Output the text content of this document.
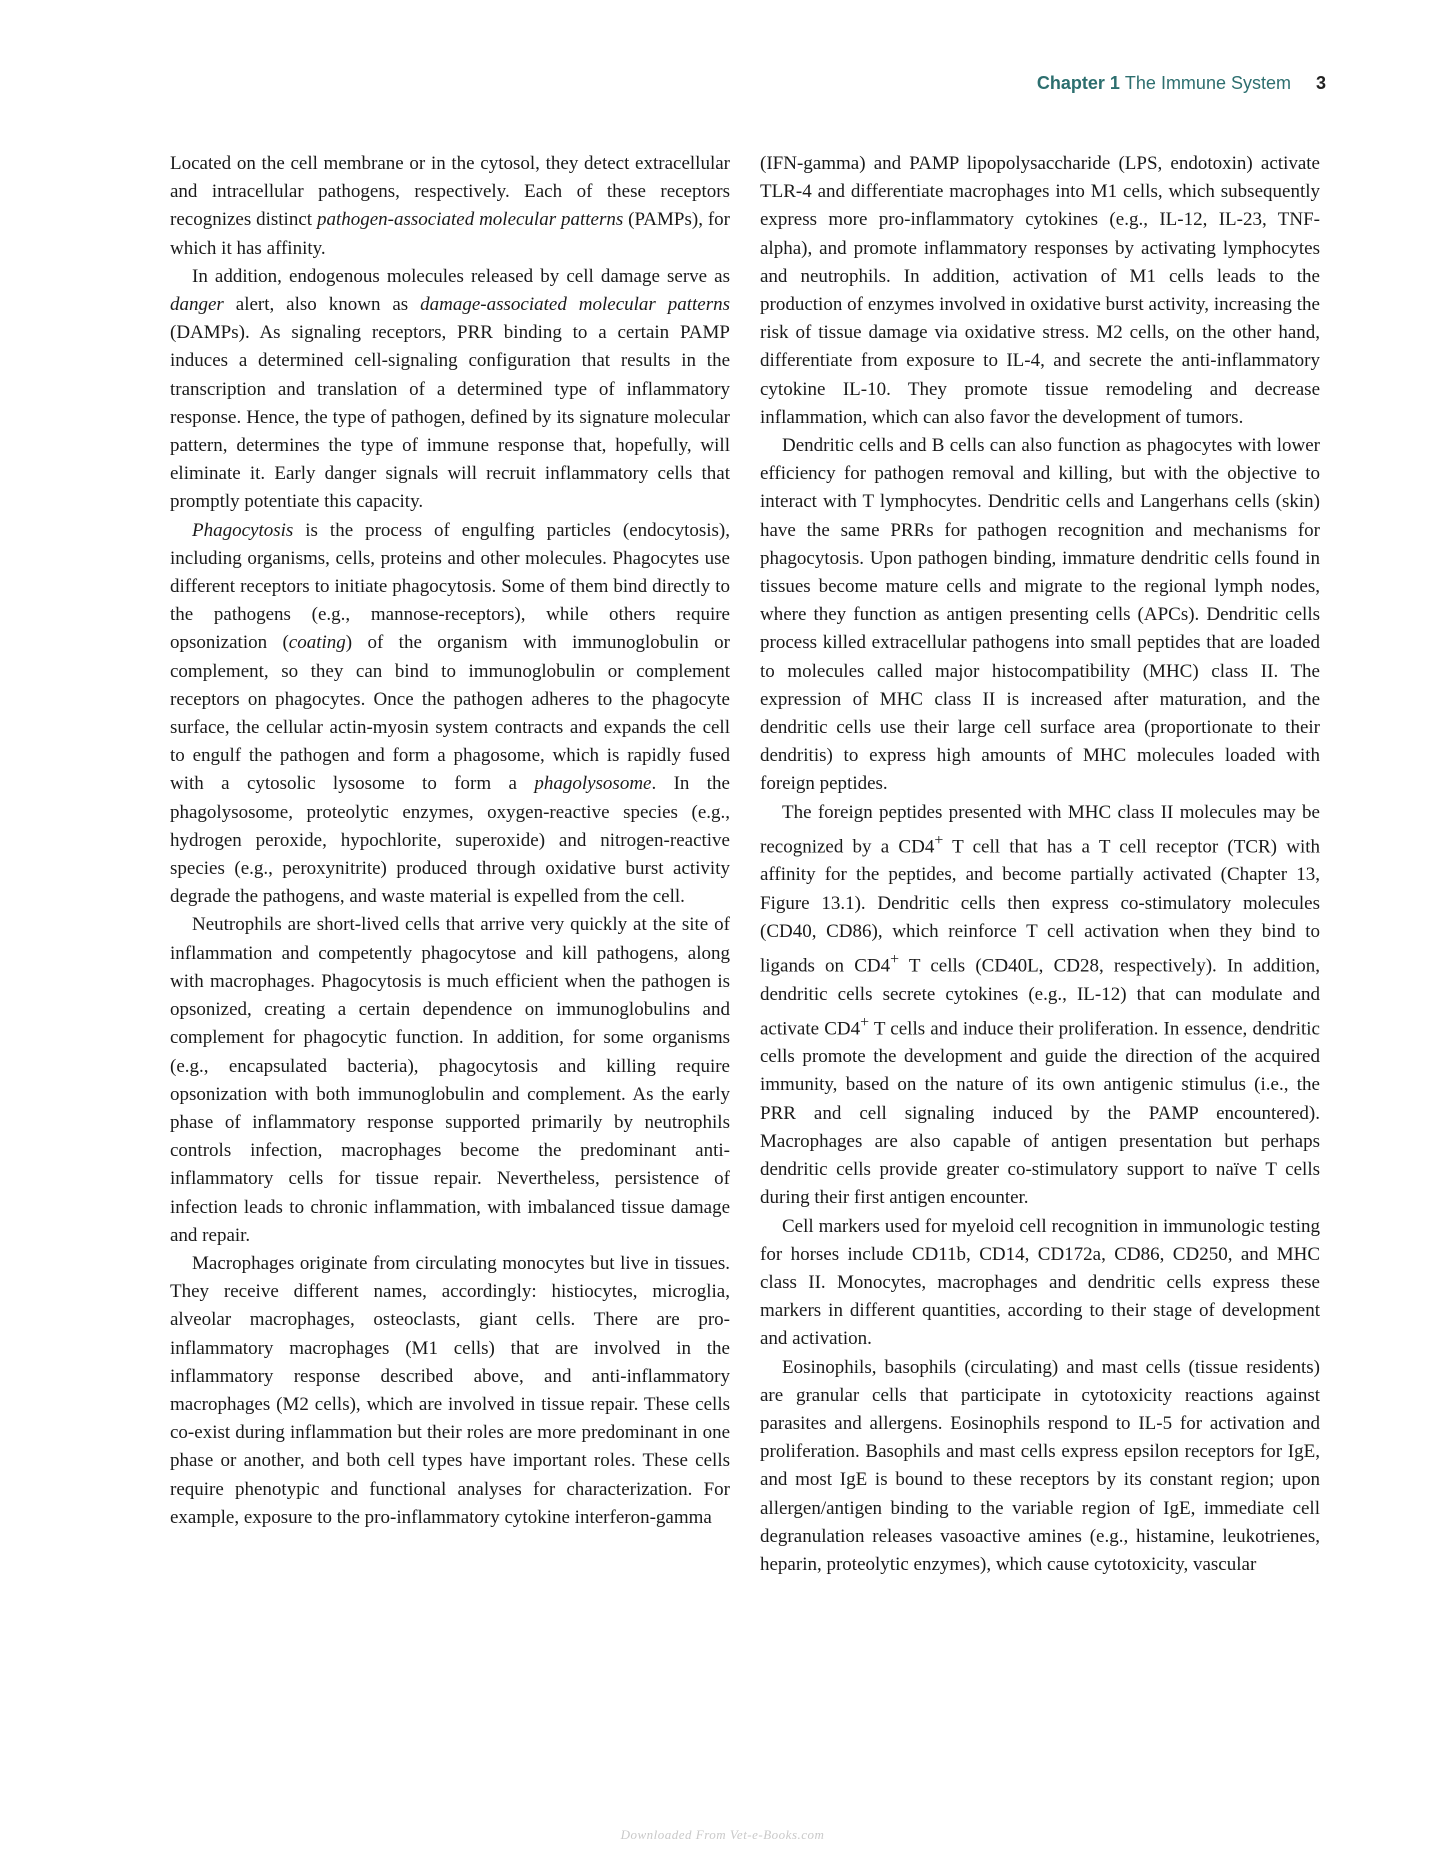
Chapter 1 The Immune System 3

Located on the cell membrane or in the cytosol, they detect extracellular and intracellular pathogens, respectively. Each of these receptors recognizes distinct pathogen-associated molecular patterns (PAMPs), for which it has affinity.

In addition, endogenous molecules released by cell damage serve as danger alert, also known as damage-associated molecular patterns (DAMPs). As signaling receptors, PRR binding to a certain PAMP induces a determined cell-signaling configuration that results in the transcription and translation of a determined type of inflammatory response. Hence, the type of pathogen, defined by its signature molecular pattern, determines the type of immune response that, hopefully, will eliminate it. Early danger signals will recruit inflammatory cells that promptly potentiate this capacity.

Phagocytosis is the process of engulfing particles (endocytosis), including organisms, cells, proteins and other molecules. Phagocytes use different receptors to initiate phagocytosis. Some of them bind directly to the pathogens (e.g., mannose-receptors), while others require opsonization (coating) of the organism with immunoglobulin or complement, so they can bind to immunoglobulin or complement receptors on phagocytes. Once the pathogen adheres to the phagocyte surface, the cellular actin-myosin system contracts and expands the cell to engulf the pathogen and form a phagosome, which is rapidly fused with a cytosolic lysosome to form a phagolysosome. In the phagolysosome, proteolytic enzymes, oxygen-reactive species (e.g., hydrogen peroxide, hypochlorite, superoxide) and nitrogen-reactive species (e.g., peroxynitrite) produced through oxidative burst activity degrade the pathogens, and waste material is expelled from the cell.

Neutrophils are short-lived cells that arrive very quickly at the site of inflammation and competently phagocytose and kill pathogens, along with macrophages. Phagocytosis is much efficient when the pathogen is opsonized, creating a certain dependence on immunoglobulins and complement for phagocytic function. In addition, for some organisms (e.g., encapsulated bacteria), phagocytosis and killing require opsonization with both immunoglobulin and complement. As the early phase of inflammatory response supported primarily by neutrophils controls infection, macrophages become the predominant anti-inflammatory cells for tissue repair. Nevertheless, persistence of infection leads to chronic inflammation, with imbalanced tissue damage and repair.

Macrophages originate from circulating monocytes but live in tissues. They receive different names, accordingly: histiocytes, microglia, alveolar macrophages, osteoclasts, giant cells. There are pro-inflammatory macrophages (M1 cells) that are involved in the inflammatory response described above, and anti-inflammatory macrophages (M2 cells), which are involved in tissue repair. These cells co-exist during inflammation but their roles are more predominant in one phase or another, and both cell types have important roles. These cells require phenotypic and functional analyses for characterization. For example, exposure to the pro-inflammatory cytokine interferon-gamma

(IFN-gamma) and PAMP lipopolysaccharide (LPS, endotoxin) activate TLR-4 and differentiate macrophages into M1 cells, which subsequently express more pro-inflammatory cytokines (e.g., IL-12, IL-23, TNF-alpha), and promote inflammatory responses by activating lymphocytes and neutrophils. In addition, activation of M1 cells leads to the production of enzymes involved in oxidative burst activity, increasing the risk of tissue damage via oxidative stress. M2 cells, on the other hand, differentiate from exposure to IL-4, and secrete the anti-inflammatory cytokine IL-10. They promote tissue remodeling and decrease inflammation, which can also favor the development of tumors.

Dendritic cells and B cells can also function as phagocytes with lower efficiency for pathogen removal and killing, but with the objective to interact with T lymphocytes. Dendritic cells and Langerhans cells (skin) have the same PRRs for pathogen recognition and mechanisms for phagocytosis. Upon pathogen binding, immature dendritic cells found in tissues become mature cells and migrate to the regional lymph nodes, where they function as antigen presenting cells (APCs). Dendritic cells process killed extracellular pathogens into small peptides that are loaded to molecules called major histocompatibility (MHC) class II. The expression of MHC class II is increased after maturation, and the dendritic cells use their large cell surface area (proportionate to their dendritis) to express high amounts of MHC molecules loaded with foreign peptides.

The foreign peptides presented with MHC class II molecules may be recognized by a CD4+ T cell that has a T cell receptor (TCR) with affinity for the peptides, and become partially activated (Chapter 13, Figure 13.1). Dendritic cells then express co-stimulatory molecules (CD40, CD86), which reinforce T cell activation when they bind to ligands on CD4+ T cells (CD40L, CD28, respectively). In addition, dendritic cells secrete cytokines (e.g., IL-12) that can modulate and activate CD4+ T cells and induce their proliferation. In essence, dendritic cells promote the development and guide the direction of the acquired immunity, based on the nature of its own antigenic stimulus (i.e., the PRR and cell signaling induced by the PAMP encountered). Macrophages are also capable of antigen presentation but perhaps dendritic cells provide greater co-stimulatory support to naïve T cells during their first antigen encounter.

Cell markers used for myeloid cell recognition in immunologic testing for horses include CD11b, CD14, CD172a, CD86, CD250, and MHC class II. Monocytes, macrophages and dendritic cells express these markers in different quantities, according to their stage of development and activation.

Eosinophils, basophils (circulating) and mast cells (tissue residents) are granular cells that participate in cytotoxicity reactions against parasites and allergens. Eosinophils respond to IL-5 for activation and proliferation. Basophils and mast cells express epsilon receptors for IgE, and most IgE is bound to these receptors by its constant region; upon allergen/antigen binding to the variable region of IgE, immediate cell degranulation releases vasoactive amines (e.g., histamine, leukotrienes, heparin, proteolytic enzymes), which cause cytotoxicity, vascular

Downloaded From Vet-e-Books.com
